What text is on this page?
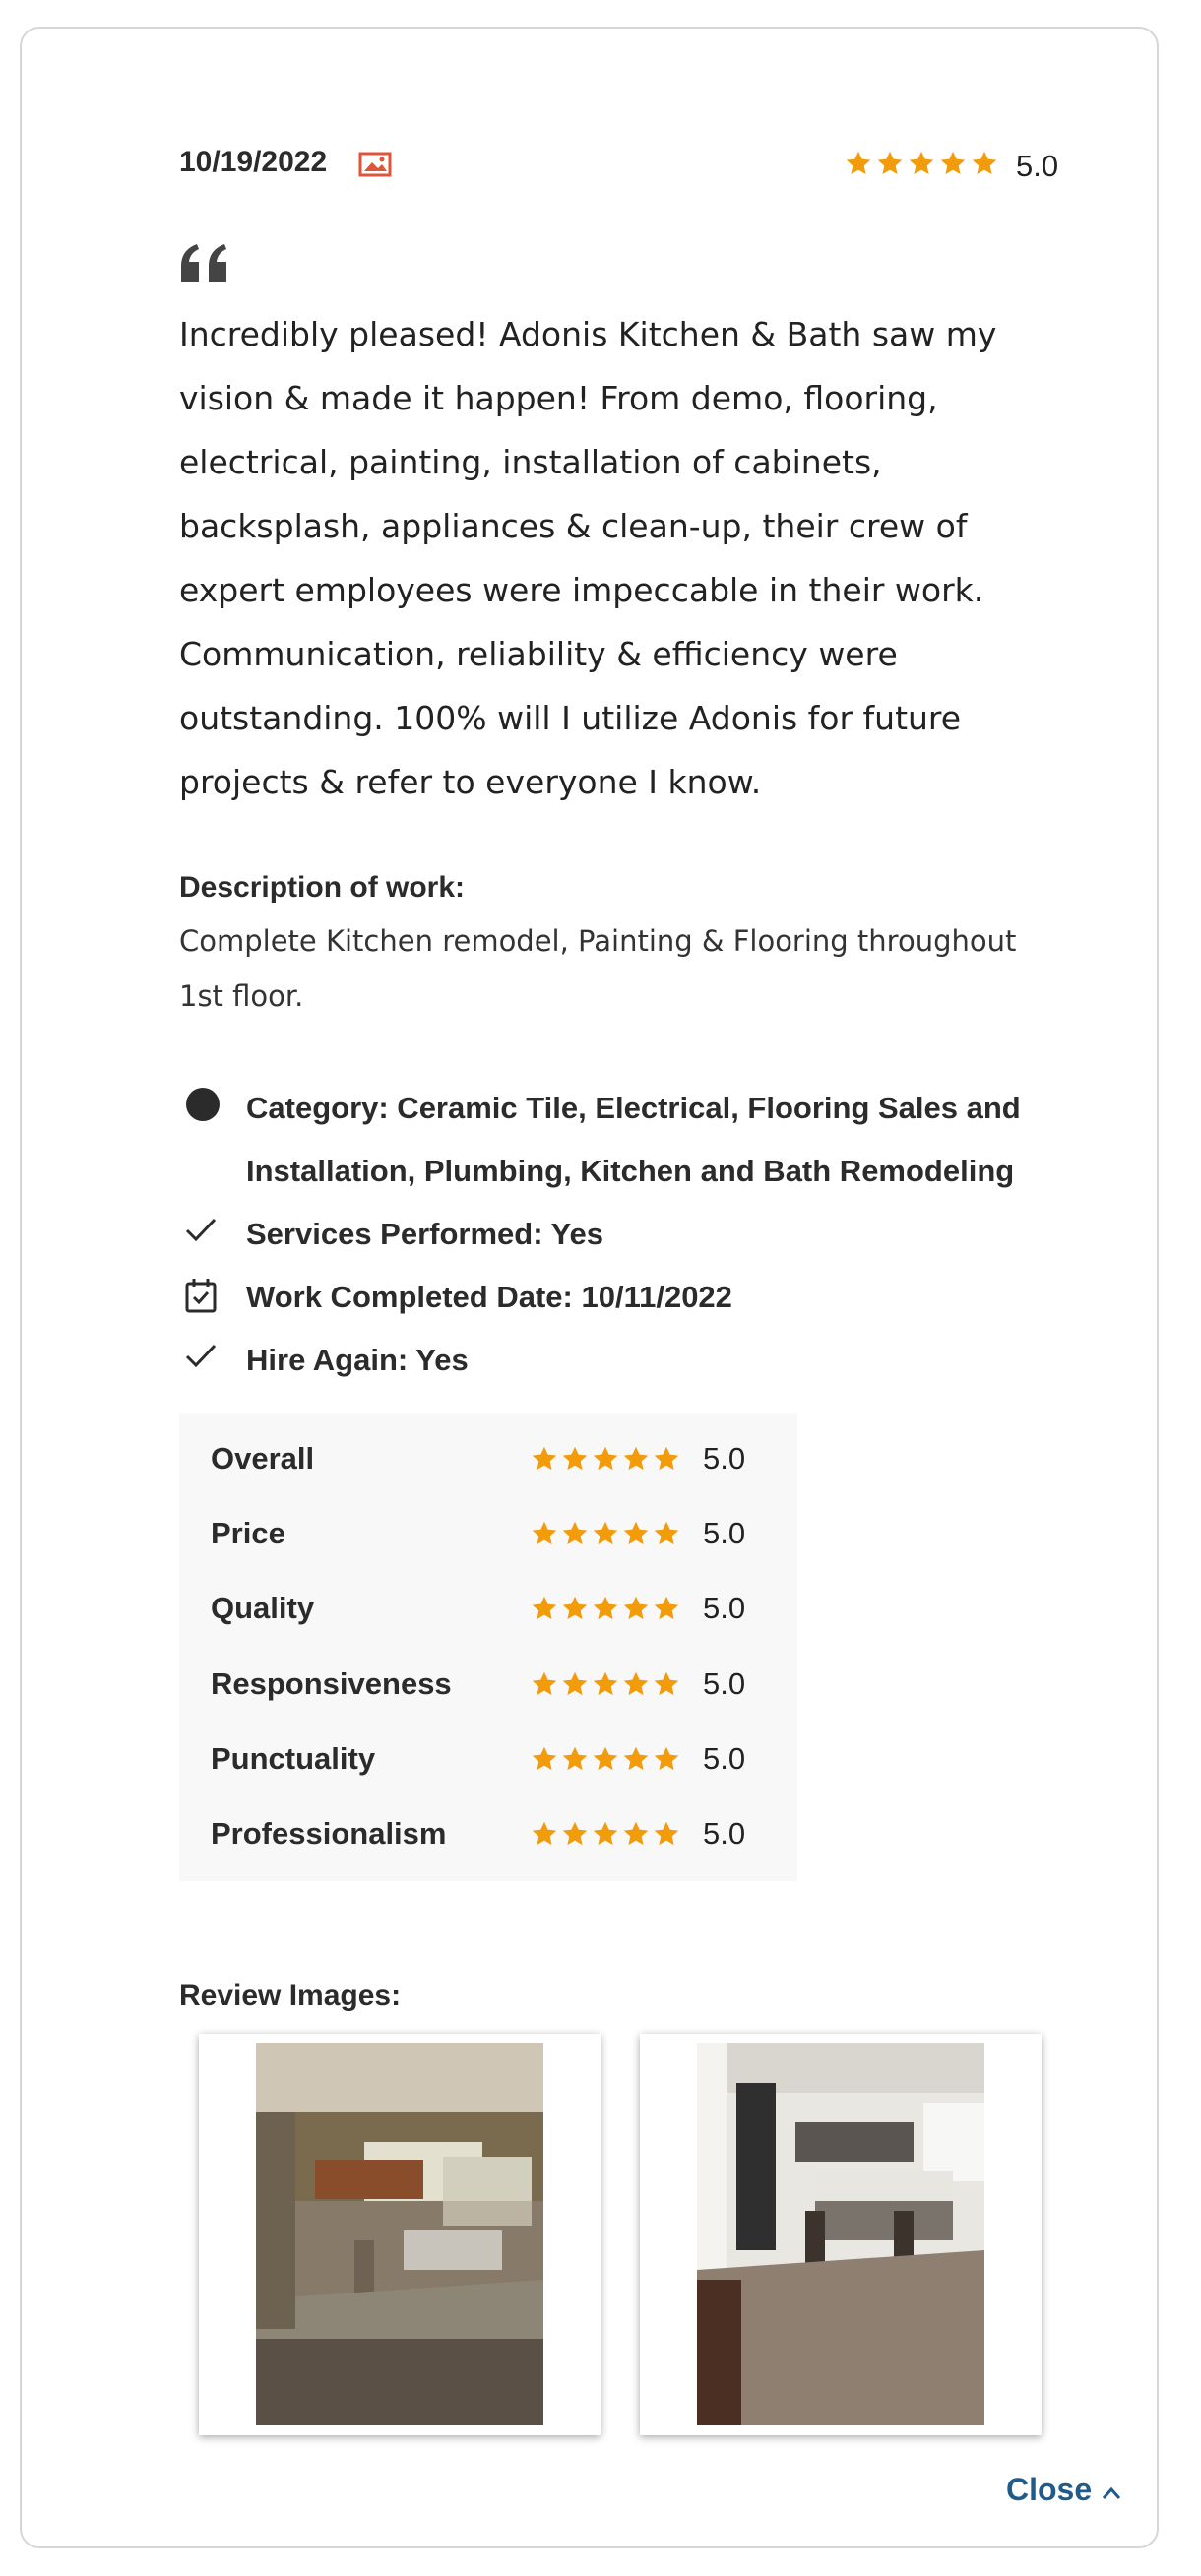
10/19/2022	5.0

Incredibly pleased! Adonis Kitchen & Bath saw my vision & made it happen! From demo, flooring, electrical, painting, installation of cabinets, backsplash, appliances & clean-up, their crew of expert employees were impeccable in their work. Communication, reliability & efficiency were outstanding. 100% will I utilize Adonis for future projects & refer to everyone I know.

Description of work:

Complete Kitchen remodel, Painting & Flooring throughout 1st floor.

Category: Ceramic Tile, Electrical, Flooring Sales and Installation, Plumbing, Kitchen and Bath Remodeling
Services Performed: Yes
Work Completed Date: 10/11/2022
Hire Again: Yes
Overall	5.0
Price	5.0
Quality	5.0
Responsiveness	5.0
Punctuality	5.0
Professionalism	5.0
Review Images:
Close
